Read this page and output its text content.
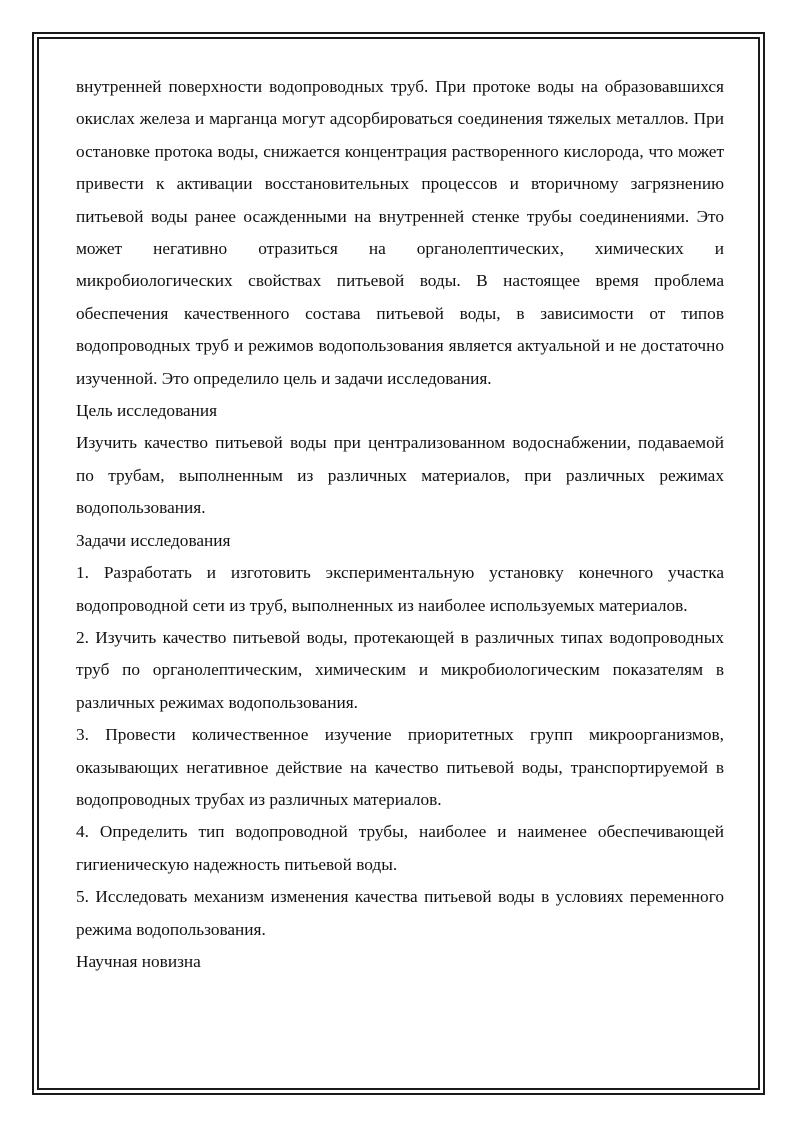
внутренней поверхности водопроводных труб. При протоке воды на образовавшихся окислах железа и марганца могут адсорбироваться соединения тяжелых металлов. При остановке протока воды, снижается концентрация растворенного кислорода, что может привести к активации восстановительных процессов и вторичному загрязнению питьевой воды ранее осажденными на внутренней стенке трубы соединениями. Это может негативно отразиться на органолептических, химических и микробиологических свойствах питьевой воды. В настоящее время проблема обеспечения качественного состава питьевой воды, в зависимости от типов водопроводных труб и режимов водопользования является актуальной и не достаточно изученной. Это определило цель и задачи исследования.

Цель исследования

Изучить качество питьевой воды при централизованном водоснабжении, подаваемой по трубам, выполненным из различных материалов, при различных режимах водопользования.

Задачи исследования

1. Разработать и изготовить экспериментальную установку конечного участка водопроводной сети из труб, выполненных из наиболее используемых материалов.

2. Изучить качество питьевой воды, протекающей в различных типах водопроводных труб по органолептическим, химическим и микробиологическим показателям в различных режимах водопользования.

3. Провести количественное изучение приоритетных групп микроорганизмов, оказывающих негативное действие на качество питьевой воды, транспортируемой в водопроводных трубах из различных материалов.

4. Определить тип водопроводной трубы, наиболее и наименее обеспечивающей гигиеническую надежность питьевой воды.

5. Исследовать механизм изменения качества питьевой воды в условиях переменного режима водопользования.

Научная новизна
